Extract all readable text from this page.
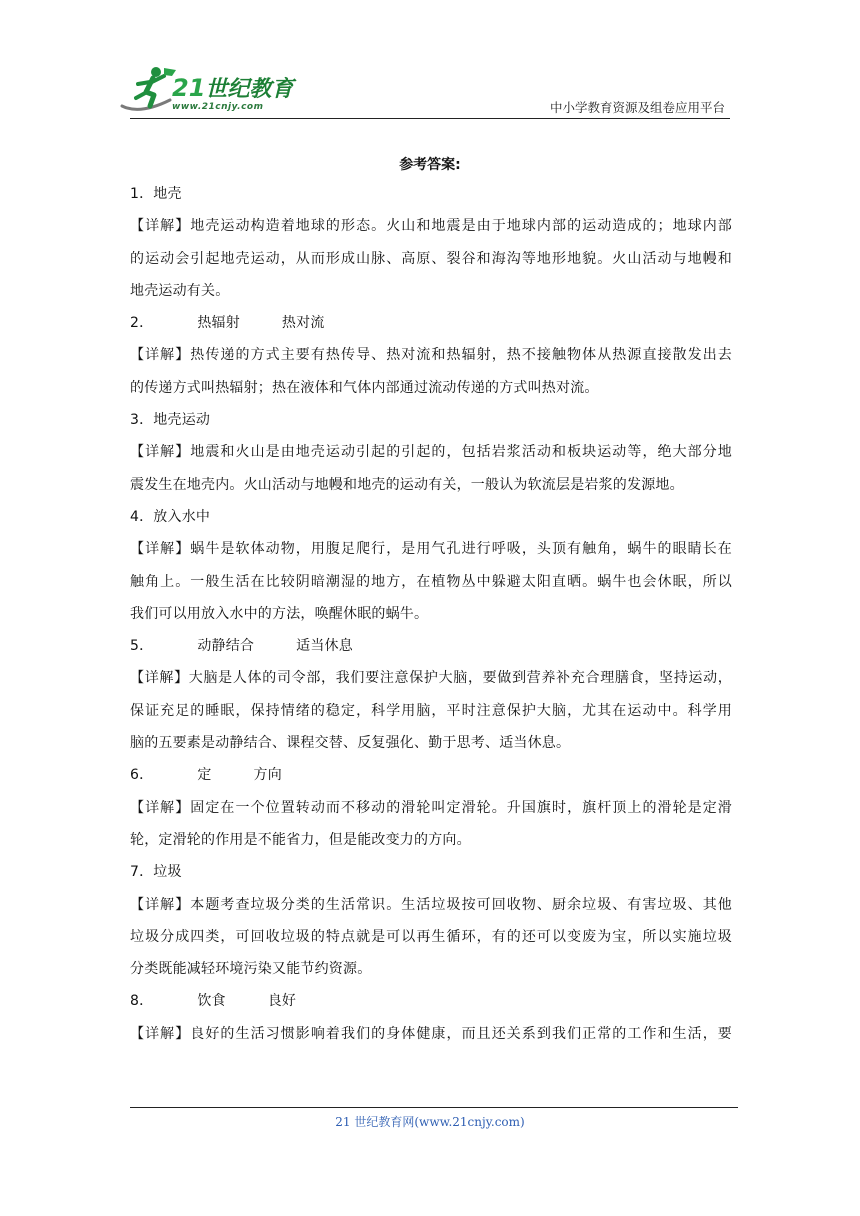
21世纪教育
www.21cnjy.com	中小学教育资源及组卷应用平台
参考答案:
1．地壳
【详解】地壳运动构造着地球的形态。火山和地震是由于地球内部的运动造成的；地球内部
的运动会引起地壳运动，从而形成山脉、高原、裂谷和海沟等地形地貌。火山活动与地幔和
地壳运动有关。
2．	热辐射	热对流
【详解】热传递的方式主要有热传导、热对流和热辐射，热不接触物体从热源直接散发出去
的传递方式叫热辐射；热在液体和气体内部通过流动传递的方式叫热对流。
3．地壳运动
【详解】地震和火山是由地壳运动引起的引起的，包括岩浆活动和板块运动等，绝大部分地
震发生在地壳内。火山活动与地幔和地壳的运动有关，一般认为软流层是岩浆的发源地。
4．放入水中
【详解】蜗牛是软体动物，用腹足爬行，是用气孔进行呼吸，头顶有触角，蜗牛的眼睛长在
触角上。一般生活在比较阴暗潮湿的地方，在植物丛中躲避太阳直晒。蜗牛也会休眠，所以
我们可以用放入水中的方法，唤醒休眠的蜗牛。
5．	动静结合	适当休息
【详解】大脑是人体的司令部，我们要注意保护大脑，要做到营养补充合理膳食，坚持运动，
保证充足的睡眠，保持情绪的稳定，科学用脑，平时注意保护大脑，尤其在运动中。科学用
脑的五要素是动静结合、课程交替、反复强化、勤于思考、适当休息。
6．	定	方向
【详解】固定在一个位置转动而不移动的滑轮叫定滑轮。升国旗时，旗杆顶上的滑轮是定滑
轮，定滑轮的作用是不能省力，但是能改变力的方向。
7．垃圾
【详解】本题考查垃圾分类的生活常识。生活垃圾按可回收物、厨余垃圾、有害垃圾、其他
垃圾分成四类，可回收垃圾的特点就是可以再生循环，有的还可以变废为宝，所以实施垃圾
分类既能减轻环境污染又能节约资源。
8．	饮食	良好
【详解】良好的生活习惯影响着我们的身体健康，而且还关系到我们正常的工作和生活，要
21 世纪教育网(www.21cnjy.com)
